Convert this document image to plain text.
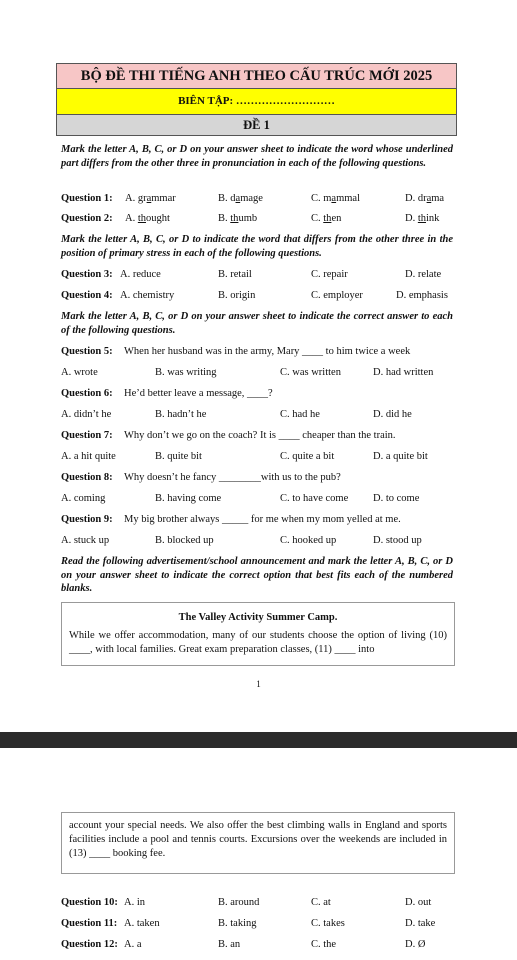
BỘ ĐỀ THI TIẾNG ANH THEO CẤU TRÚC MỚI 2025
BIÊN TẬP: ………………………
ĐỀ 1
Mark the letter A, B, C, or D on your answer sheet to indicate the word whose underlined part differs from the other three in pronunciation in each of the following questions.
Question 1: A. grammar	B. damage	C. mammal	D. drama
Question 2: A. thought	B. thumb	C. then	D. think
Mark the letter A, B, C, or D to indicate the word that differs from the other three in the position of primary stress in each of the following questions.
Question 3: A. reduce	B. retail	C. repair	D. relate
Question 4: A. chemistry	B. origin	C. employer	D. emphasis
Mark the letter A, B, C, or D on your answer sheet to indicate the correct answer to each of the following questions.
Question 5: When her husband was in the army, Mary ____ to him twice a week
A. wrote	B. was writing	C. was written	D. had written
Question 6: He’d better leave a message, ____?
A. didn’t he	B. hadn’t he	C. had he	D. did he
Question 7: Why don’t we go on the coach? It is ____ cheaper than the train.
A. a hit quite	B. quite bit	C. quite a bit	D. a quite bit
Question 8: Why doesn’t he fancy ________with us to the pub?
A. coming	B. having come	C. to have come D. to come
Question 9: My big brother always _____ for me when my mom yelled at me.
A. stuck up	B. blocked up	C. hooked up	D. stood up
Read the following advertisement/school announcement and mark the letter A, B, C, or D on your answer sheet to indicate the correct option that best fits each of the numbered blanks.
The Valley Activity Summer Camp.
While we offer accommodation, many of our students choose the option of living (10) ____, with local families. Great exam preparation classes, (11) ____ into
1
account your special needs. We also offer the best climbing walls in England and sports facilities include a pool and tennis courts. Excursions over the weekends are included in (13) ____ booking fee.
Question 10: A. in	B. around	C. at	D. out
Question 11: A. taken	B. taking	C. takes	D. take
Question 12: A. a	B. an	C. the	D. Ø
